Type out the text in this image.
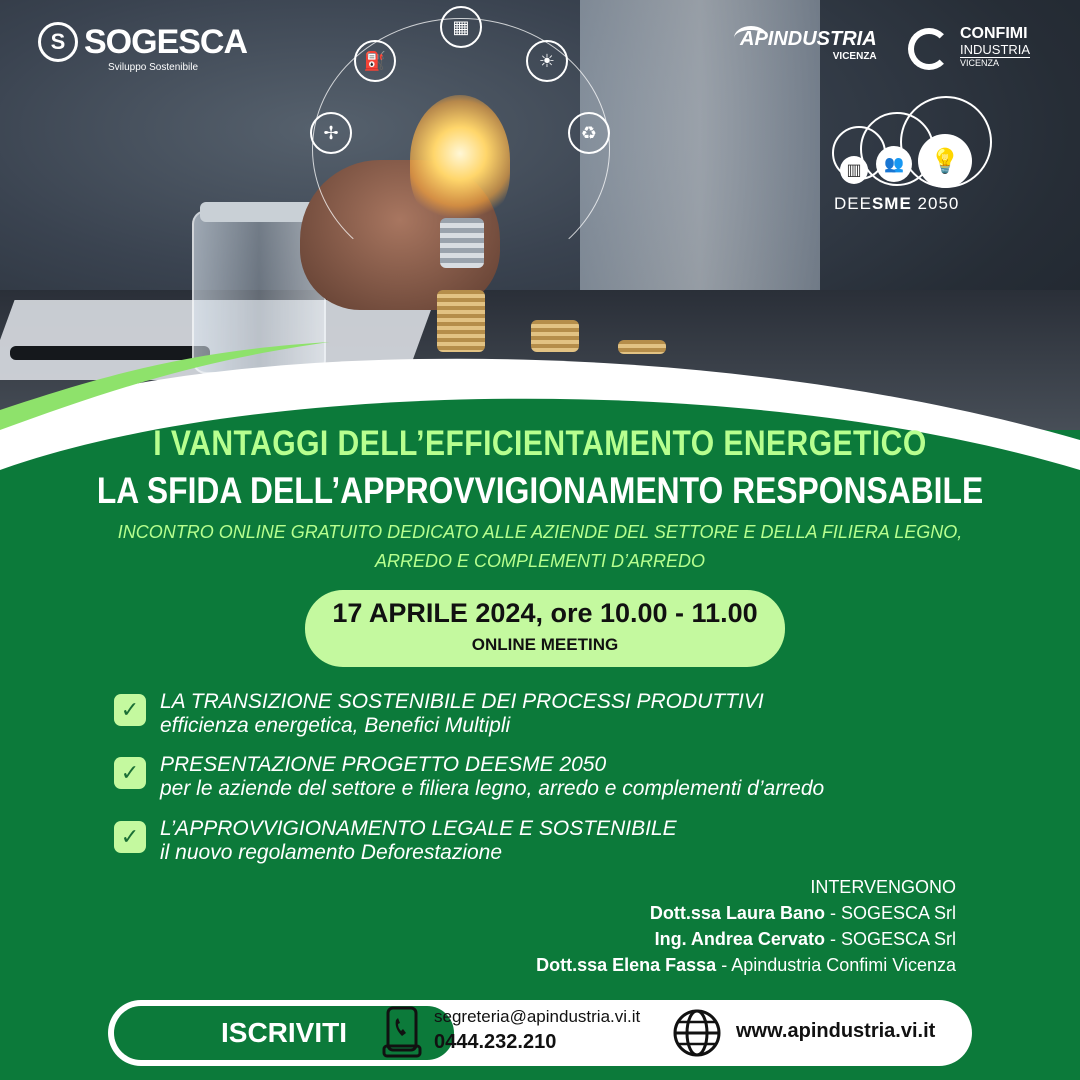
⛽
▦
☀
✢	♻
S SOGESCA
Sviluppo Sostenibile
APINDUSTRIA
VICENZA
CONFIMI
INDUSTRIA
VICENZA
▥	👥	💡
DEESME 2050
I VANTAGGI DELL’EFFICIENTAMENTO ENERGETICO
LA SFIDA DELL’APPROVVIGIONAMENTO RESPONSABILE
INCONTRO ONLINE GRATUITO DEDICATO ALLE AZIENDE DEL SETTORE E DELLA FILIERA LEGNO,
ARREDO E COMPLEMENTI D’ARREDO
17 APRILE 2024, ore 10.00 - 11.00
ONLINE MEETING
✓ LA TRANSIZIONE SOSTENIBILE DEI PROCESSI PRODUTTIVI
efficienza energetica, Benefici Multipli
✓ PRESENTAZIONE PROGETTO DEESME 2050
per le aziende del settore e filiera legno, arredo e complementi d’arredo
✓ L’APPROVVIGIONAMENTO LEGALE E SOSTENIBILE
il nuovo regolamento Deforestazione
INTERVENGONO
Dott.ssa Laura Bano - SOGESCA Srl
Ing. Andrea Cervato - SOGESCA Srl
Dott.ssa Elena Fassa - Apindustria Confimi Vicenza
ISCRIVITI
segreteria@apindustria.vi.it
0444.232.210	www.apindustria.vi.it
